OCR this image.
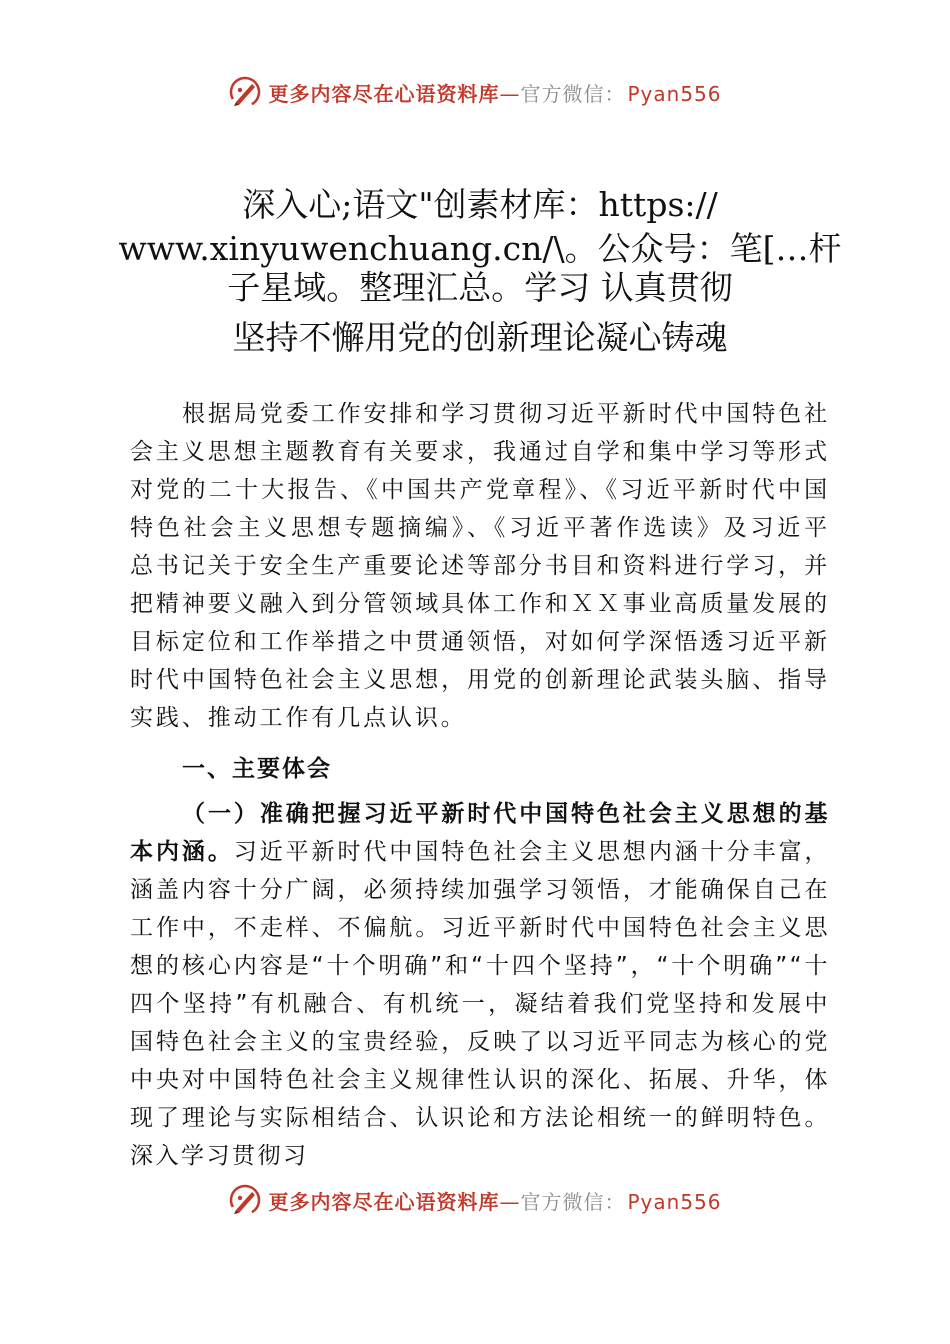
更多内容尽在心语资料库—官方微信： Pyan556
深入心;语文"创素材库：https://
www.xinyuwenchuang.cn/\。公众号：笔[…杆
子星域。整理汇总。学习 认真贯彻
坚持不懈用党的创新理论凝心铸魂

根据局党委工作安排和学习贯彻习近平新时代中国特色社会主义思想主题教育有关要求，我通过自学和集中学习等形式对党的二十大报告、《中国共产党章程》、《习近平新时代中国特色社会主义思想专题摘编》、《习近平著作选读》及习近平总书记关于安全生产重要论述等部分书目和资料进行学习，并把精神要义融入到分管领域具体工作和ＸＸ事业高质量发展的目标定位和工作举措之中贯通领悟，对如何学深悟透习近平新时代中国特色社会主义思想，用党的创新理论武装头脑、指导实践、推动工作有几点认识。

一、主要体会

（一）准确把握习近平新时代中国特色社会主义思想的基本内涵。习近平新时代中国特色社会主义思想内涵十分丰富，涵盖内容十分广阔，必须持续加强学习领悟，才能确保自己在工作中，不走样、不偏航。习近平新时代中国特色社会主义思想的核心内容是“十个明确”和“十四个坚持”，“十个明确”“十四个坚持”有机融合、有机统一，凝结着我们党坚持和发展中国特色社会主义的宝贵经验，反映了以习近平同志为核心的党中央对中国特色社会主义规律性认识的深化、拓展、升华，体现了理论与实际相结合、认识论和方法论相统一的鲜明特色。深入学习贯彻习

更多内容尽在心语资料库—官方微信： Pyan556
